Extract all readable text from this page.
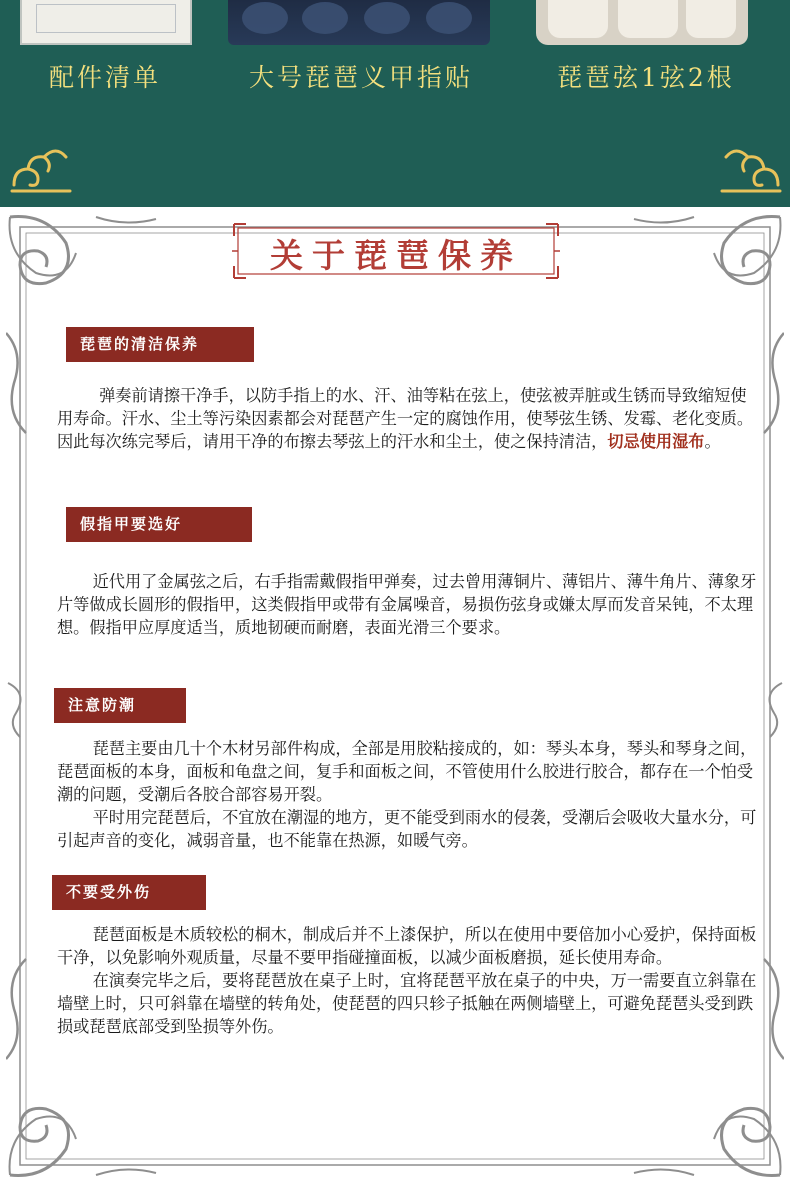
配件清单	大号琵琶义甲指贴	琵琶弦1弦2根
关于琵琶保养
琵琶的清洁保养

弹奏前请擦干净手，以防手指上的水、汗、油等粘在弦上，使弦被弄脏或生锈而导致缩短使用寿命。汗水、尘土等污染因素都会对琵琶产生一定的腐蚀作用，使琴弦生锈、发霉、老化变质。因此每次练完琴后，请用干净的布擦去琴弦上的汗水和尘土，使之保持清洁，切忌使用湿布。

假指甲要选好

近代用了金属弦之后，右手指需戴假指甲弹奏，过去曾用薄铜片、薄铝片、薄牛角片、薄象牙片等做成长圆形的假指甲，这类假指甲或带有金属噪音，易损伤弦身或嫌太厚而发音呆钝，不太理想。假指甲应厚度适当，质地韧硬而耐磨，表面光滑三个要求。

注意防潮

琵琶主要由几十个木材另部件构成，全部是用胶粘接成的，如：琴头本身，琴头和琴身之间，琵琶面板的本身，面板和龟盘之间，复手和面板之间，不管使用什么胶进行胶合，都存在一个怕受潮的问题，受潮后各胶合部容易开裂。

平时用完琵琶后，不宜放在潮湿的地方，更不能受到雨水的侵袭，受潮后会吸收大量水分，可引起声音的变化，减弱音量，也不能靠在热源，如暖气旁。

不要受外伤

琵琶面板是木质较松的桐木，制成后并不上漆保护，所以在使用中要倍加小心爱护，保持面板干净，以免影响外观质量，尽量不要甲指碰撞面板，以减少面板磨损，延长使用寿命。

在演奏完毕之后，要将琵琶放在桌子上时，宜将琵琶平放在桌子的中央，万一需要直立斜靠在墙壁上时，只可斜靠在墙壁的转角处，使琵琶的四只轸子抵触在两侧墙壁上，可避免琵琶头受到跌损或琵琶底部受到坠损等外伤。
